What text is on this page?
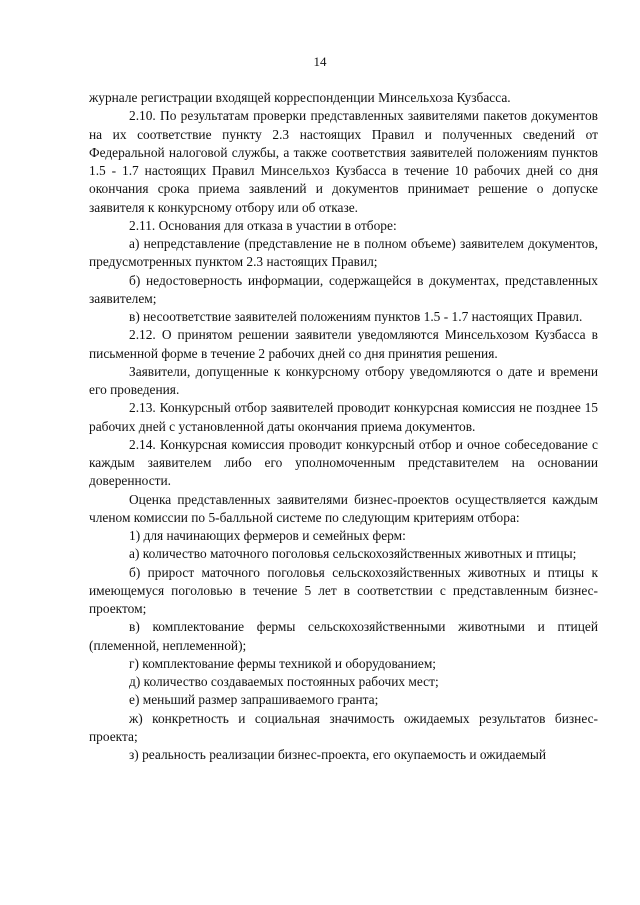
14

журнале регистрации входящей корреспонденции Минсельхоза Кузбасса.

2.10. По результатам проверки представленных заявителями пакетов документов на их соответствие пункту 2.3 настоящих Правил и полученных сведений от Федеральной налоговой службы, а также соответствия заявителей положениям пунктов 1.5 - 1.7 настоящих Правил Минсельхоз Кузбасса в течение 10 рабочих дней со дня окончания срока приема заявлений и документов принимает решение о допуске заявителя к конкурсному отбору или об отказе.

2.11. Основания для отказа в участии в отборе:

а) непредставление (представление не в полном объеме) заявителем документов, предусмотренных пунктом 2.3 настоящих Правил;

б) недостоверность информации, содержащейся в документах, представленных заявителем;

в) несоответствие заявителей положениям пунктов 1.5 - 1.7 настоящих Правил.

2.12. О принятом решении заявители уведомляются Минсельхозом Кузбасса в письменной форме в течение 2 рабочих дней со дня принятия решения.

Заявители, допущенные к конкурсному отбору уведомляются о дате и времени его проведения.

2.13. Конкурсный отбор заявителей проводит конкурсная комиссия не позднее 15 рабочих дней с установленной даты окончания приема документов.

2.14. Конкурсная комиссия проводит конкурсный отбор и очное собеседование с каждым заявителем либо его уполномоченным представителем на основании доверенности.

Оценка представленных заявителями бизнес-проектов осуществляется каждым членом комиссии по 5-балльной системе по следующим критериям отбора:

1) для начинающих фермеров и семейных ферм:

а) количество маточного поголовья сельскохозяйственных животных и птицы;

б) прирост маточного поголовья сельскохозяйственных животных и птицы к имеющемуся поголовью в течение 5 лет в соответствии с представленным бизнес-проектом;

в) комплектование фермы сельскохозяйственными животными и птицей (племенной, неплеменной);

г) комплектование фермы техникой и оборудованием;

д) количество создаваемых постоянных рабочих мест;

е) меньший размер запрашиваемого гранта;

ж) конкретность и социальная значимость ожидаемых результатов бизнес-проекта;

з) реальность реализации бизнес-проекта, его окупаемость и ожидаемый
